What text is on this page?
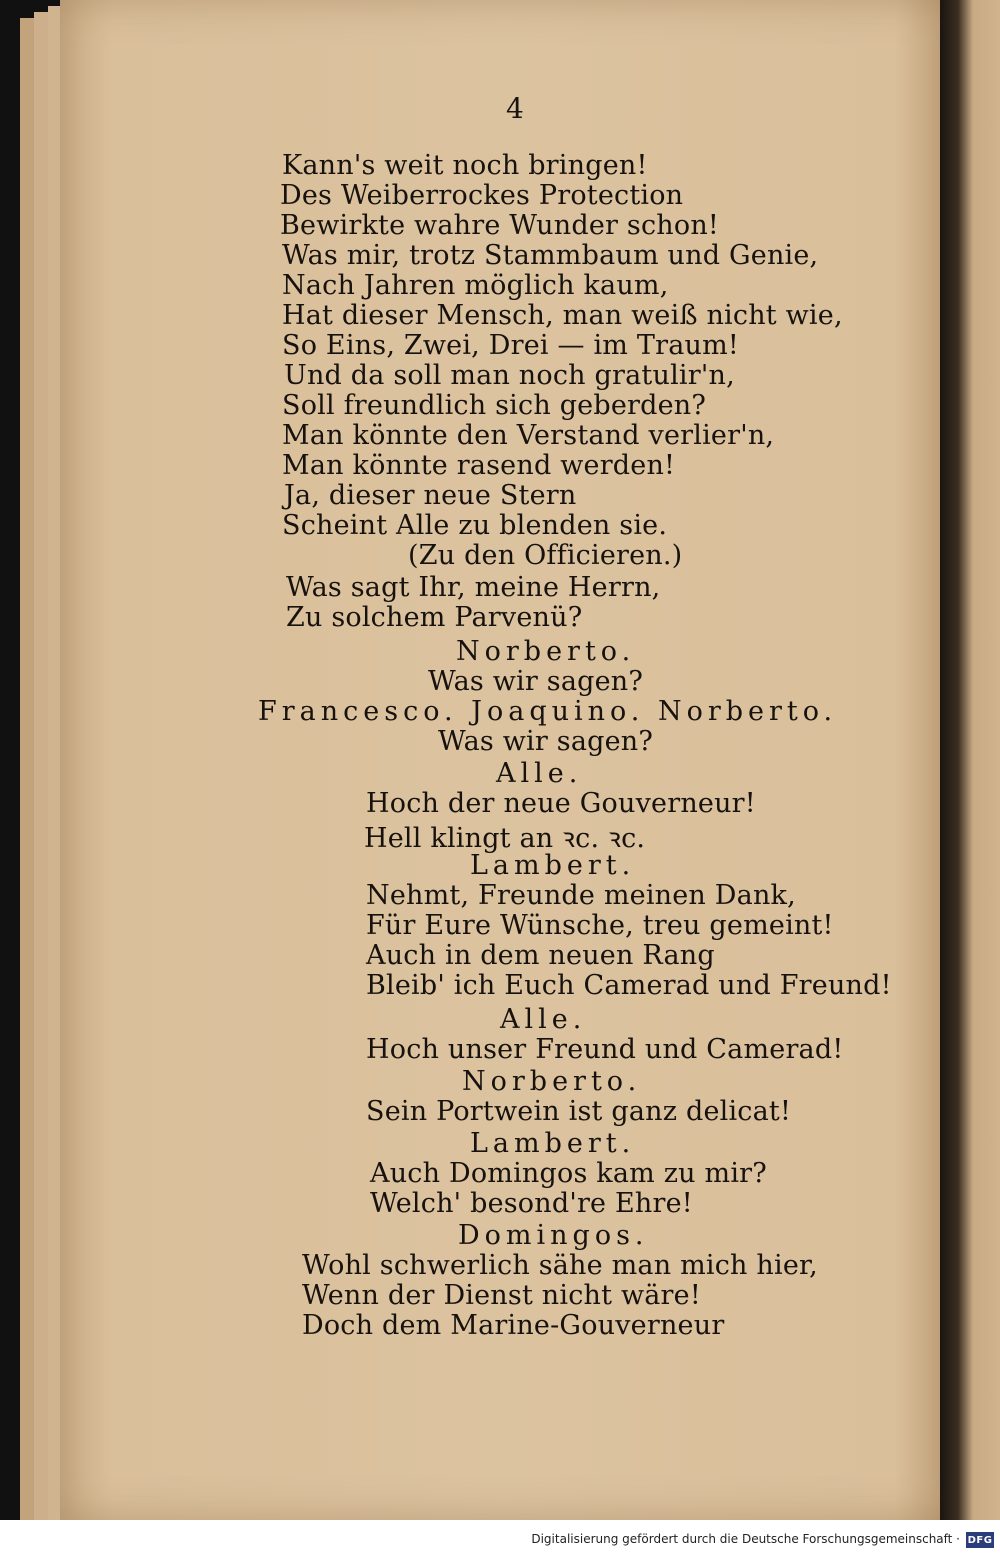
4
Kann's weit noch bringen!
Des Weiberrockes Protection
Bewirkte wahre Wunder schon!
Was mir, trotz Stammbaum und Genie,
Nach Jahren möglich kaum,
Hat dieser Mensch, man weiß nicht wie,
So Eins, Zwei, Drei — im Traum!
Und da soll man noch gratulir'n,
Soll freundlich sich geberden?
Man könnte den Verstand verlier'n,
Man könnte rasend werden!
Ja, dieser neue Stern
Scheint Alle zu blenden sie.
(Zu den Officieren.)
Was sagt Ihr, meine Herrn,
Zu solchem Parvenü?
Norberto.
Was wir sagen?
Francesco. Joaquino. Norberto.
Was wir sagen?
Alle.
Hoch der neue Gouverneur!
Hell klingt an ꝛc. ꝛc.
Lambert.
Nehmt, Freunde meinen Dank,
Für Eure Wünsche, treu gemeint!
Auch in dem neuen Rang
Bleib' ich Euch Camerad und Freund!
Alle.
Hoch unser Freund und Camerad!
Norberto.
Sein Portwein ist ganz delicat!
Lambert.
Auch Domingos kam zu mir?
Welch' besond're Ehre!
Domingos.
Wohl schwerlich sähe man mich hier,
Wenn der Dienst nicht wäre!
Doch dem Marine-Gouverneur
Digitalisierung gefördert durch die Deutsche Forschungsgemeinschaft · DFG
